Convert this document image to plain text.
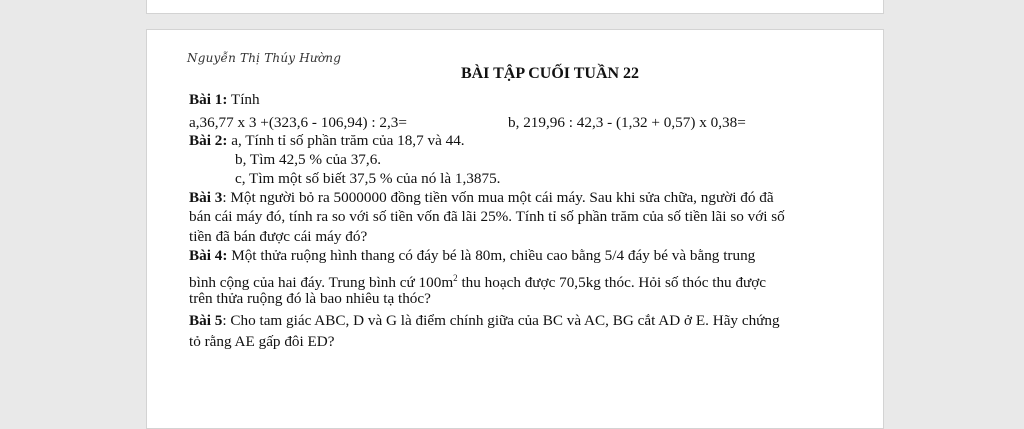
Nguyễn Thị Thúy Hường
BÀI TẬP CUỐI TUẦN 22
Bài 1: Tính
a,36,77 x 3 +(323,6 - 106,94) : 2,3=	b, 219,96 : 42,3 - (1,32 + 0,57) x 0,38=
Bài 2: a, Tính tỉ số phần trăm của 18,7 và 44.
b, Tìm 42,5 % của 37,6.
c, Tìm một số biết 37,5 % của nó là 1,3875.
Bài 3: Một người bỏ ra 5000000 đồng tiền vốn mua một cái máy. Sau khi sửa chữa, người đó đã
bán cái máy đó, tính ra so với số tiền vốn đã lãi 25%. Tính tỉ số phần trăm của số tiền lãi so với số
tiền đã bán được cái máy đó?
Bài 4: Một thửa ruộng hình thang có đáy bé là 80m, chiều cao bằng 5/4 đáy bé và bằng trung
bình cộng của hai đáy. Trung bình cứ $100m^2$ thu hoạch được 70,5kg thóc. Hỏi số thóc thu được
trên thửa ruộng đó là bao nhiêu tạ thóc?
Bài 5: Cho tam giác ABC, D và G là điểm chính giữa của BC và AC, BG cắt AD ở E. Hãy chứng
tỏ rằng AE gấp đôi ED?
